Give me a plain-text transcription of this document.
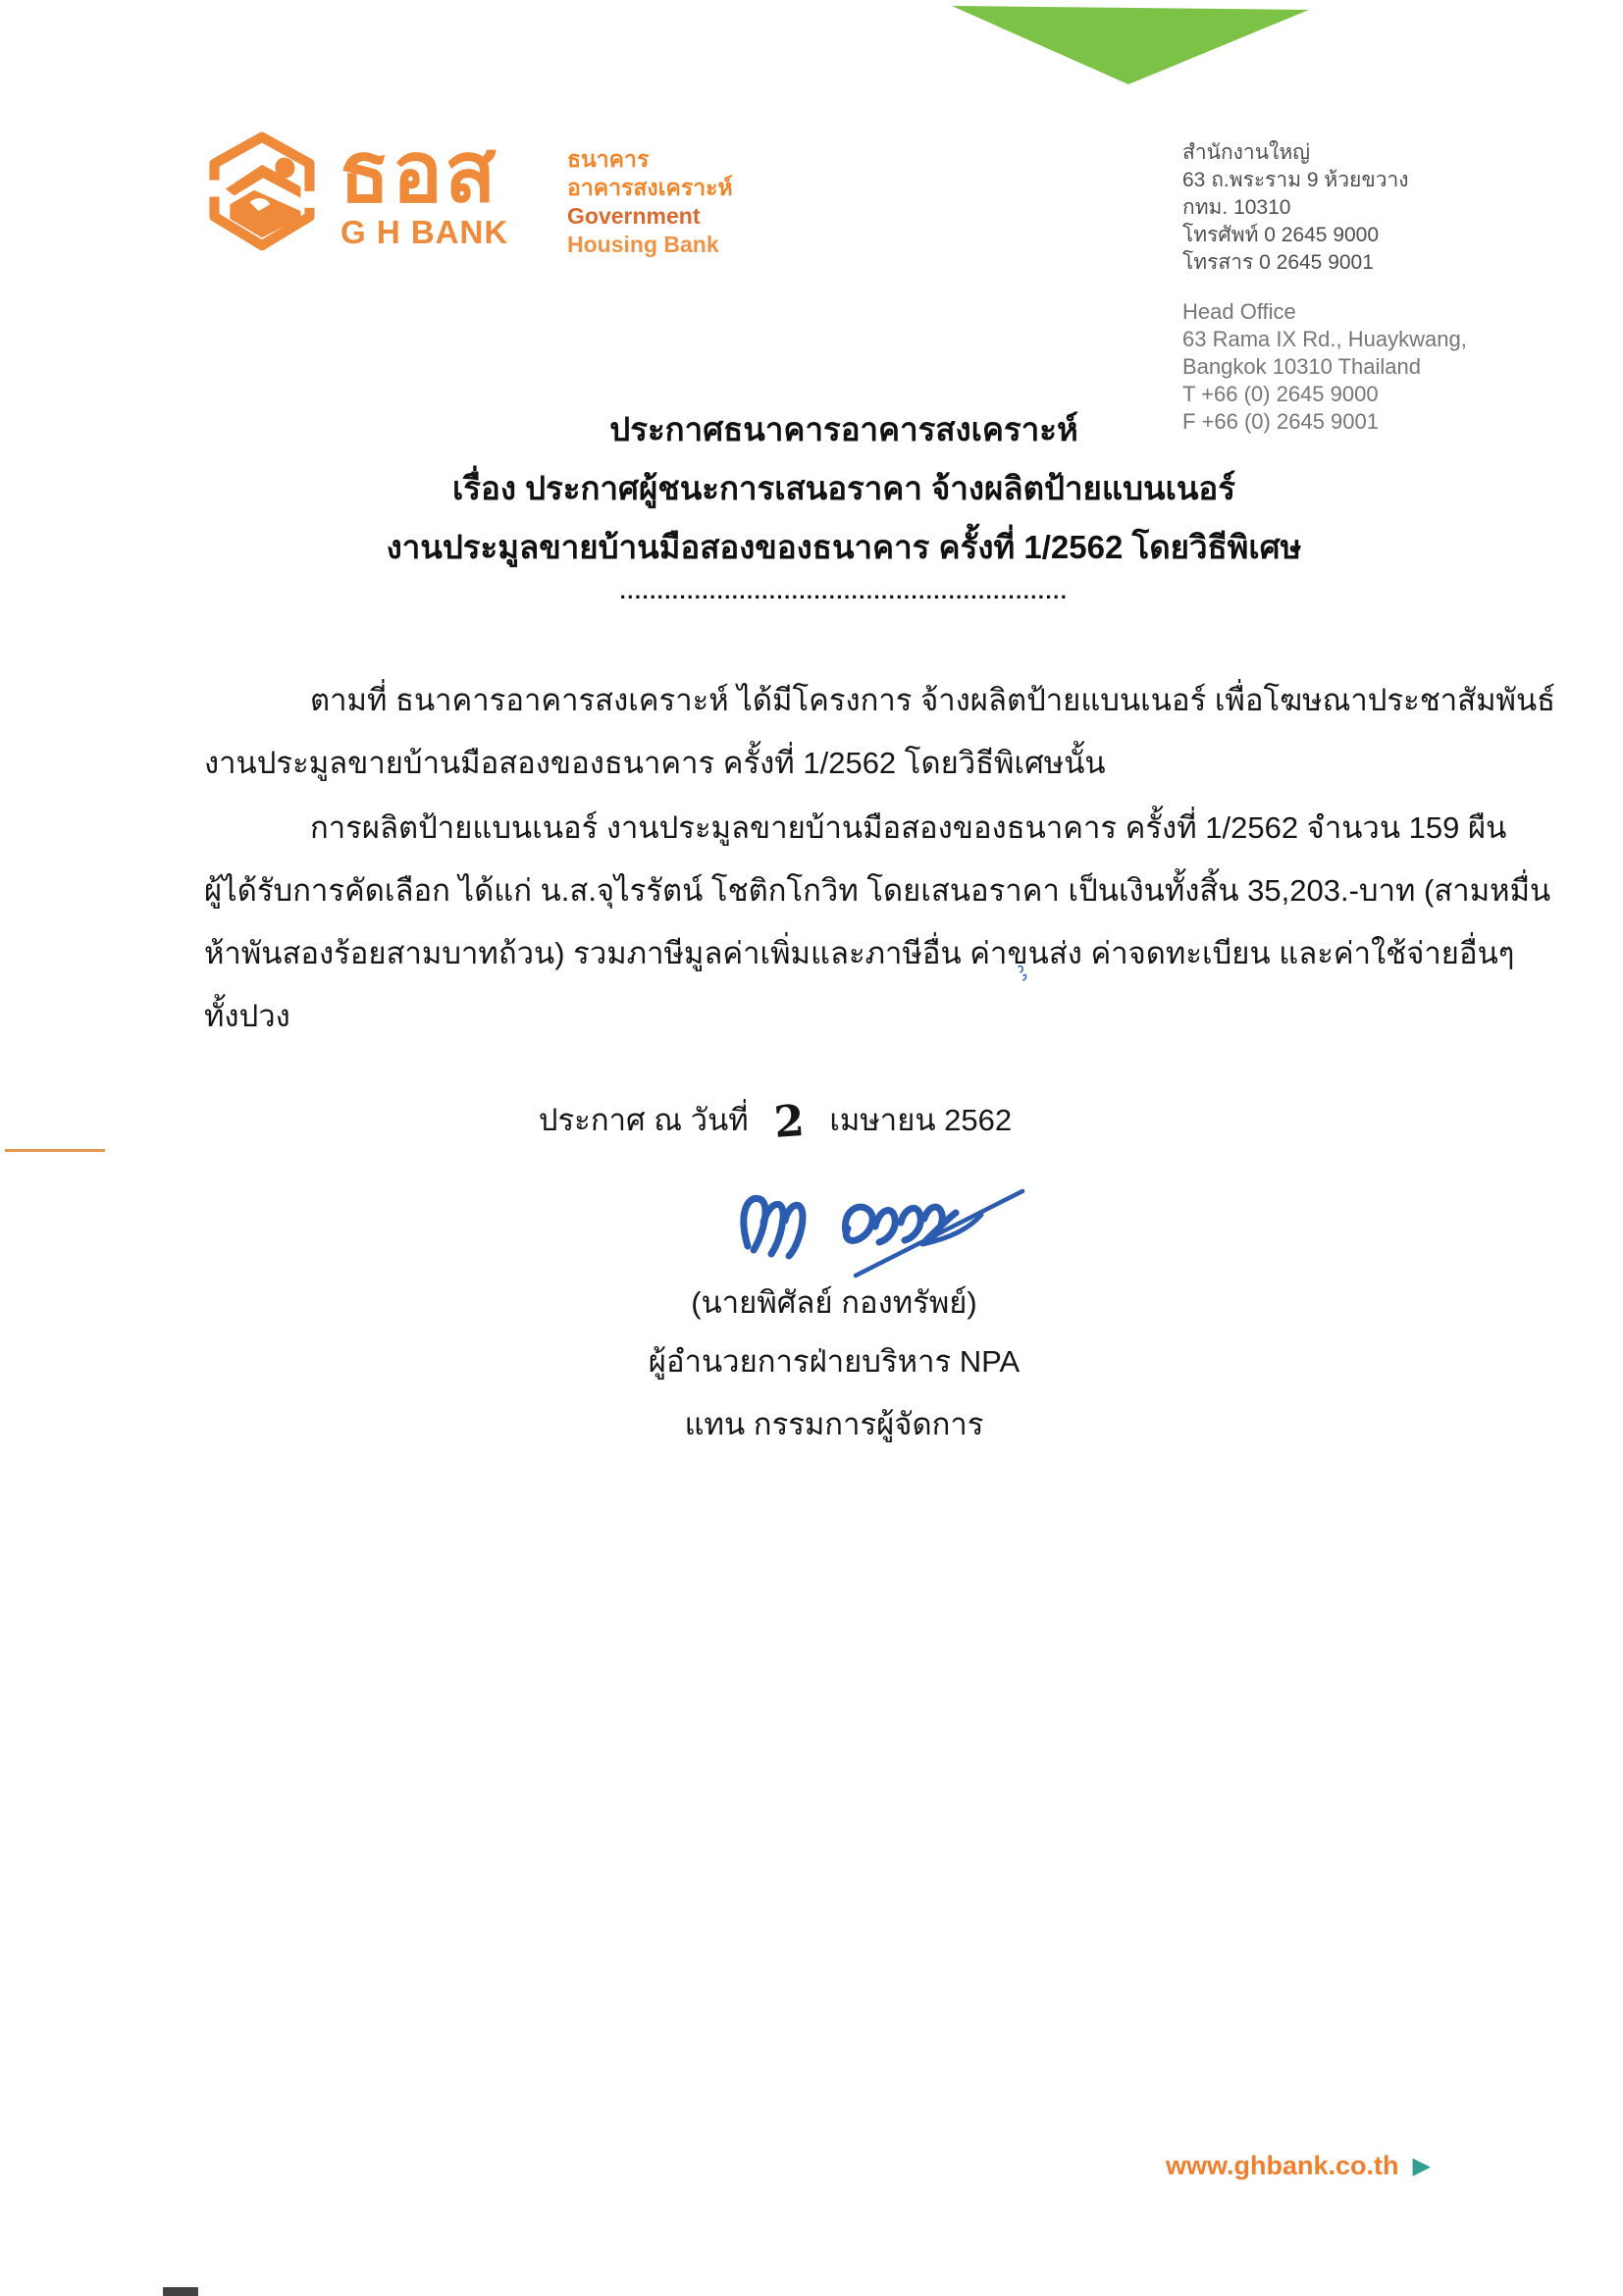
ธอส
G H BANK
ธนาคาร
อาคารสงเคราะห์
Government
Housing Bank
สำนักงานใหญ่
63 ถ.พระราม 9 ห้วยขวาง
กทม. 10310
โทรศัพท์ 0 2645 9000
โทรสาร 0 2645 9001
Head Office
63 Rama IX Rd., Huaykwang,
Bangkok 10310 Thailand
T +66 (0) 2645 9000
F +66 (0) 2645 9001
ประกาศธนาคารอาคารสงเคราะห์
เรื่อง ประกาศผู้ชนะการเสนอราคา จ้างผลิตป้ายแบนเนอร์
งานประมูลขายบ้านมือสองของธนาคาร ครั้งที่ 1/2562 โดยวิธีพิเศษ
............................................................
ตามที่ ธนาคารอาคารสงเคราะห์ ได้มีโครงการ จ้างผลิตป้ายแบนเนอร์ เพื่อโฆษณาประชาสัมพันธ์
งานประมูลขายบ้านมือสองของธนาคาร ครั้งที่ 1/2562 โดยวิธีพิเศษนั้น
การผลิตป้ายแบนเนอร์ งานประมูลขายบ้านมือสองของธนาคาร ครั้งที่ 1/2562 จำนวน 159 ผืน
ผู้ได้รับการคัดเลือก ได้แก่ น.ส.จุไรรัตน์ โชติกโกวิท โดยเสนอราคา เป็นเงินทั้งสิ้น 35,203.-บาท (สามหมื่น
ห้าพันสองร้อยสามบาทถ้วน) รวมภาษีมูลค่าเพิ่มและภาษีอื่น ค่าขนส่ง ค่าจดทะเบียน และค่าใช้จ่ายอื่นๆ
ทั้งปวง
ประกาศ ณ วันที่ 2 เมษายน 2562
(นายพิศัลย์ กองทรัพย์)
ผู้อำนวยการฝ่ายบริหาร NPA
แทน กรรมการผู้จัดการ
www.ghbank.co.th ▶
